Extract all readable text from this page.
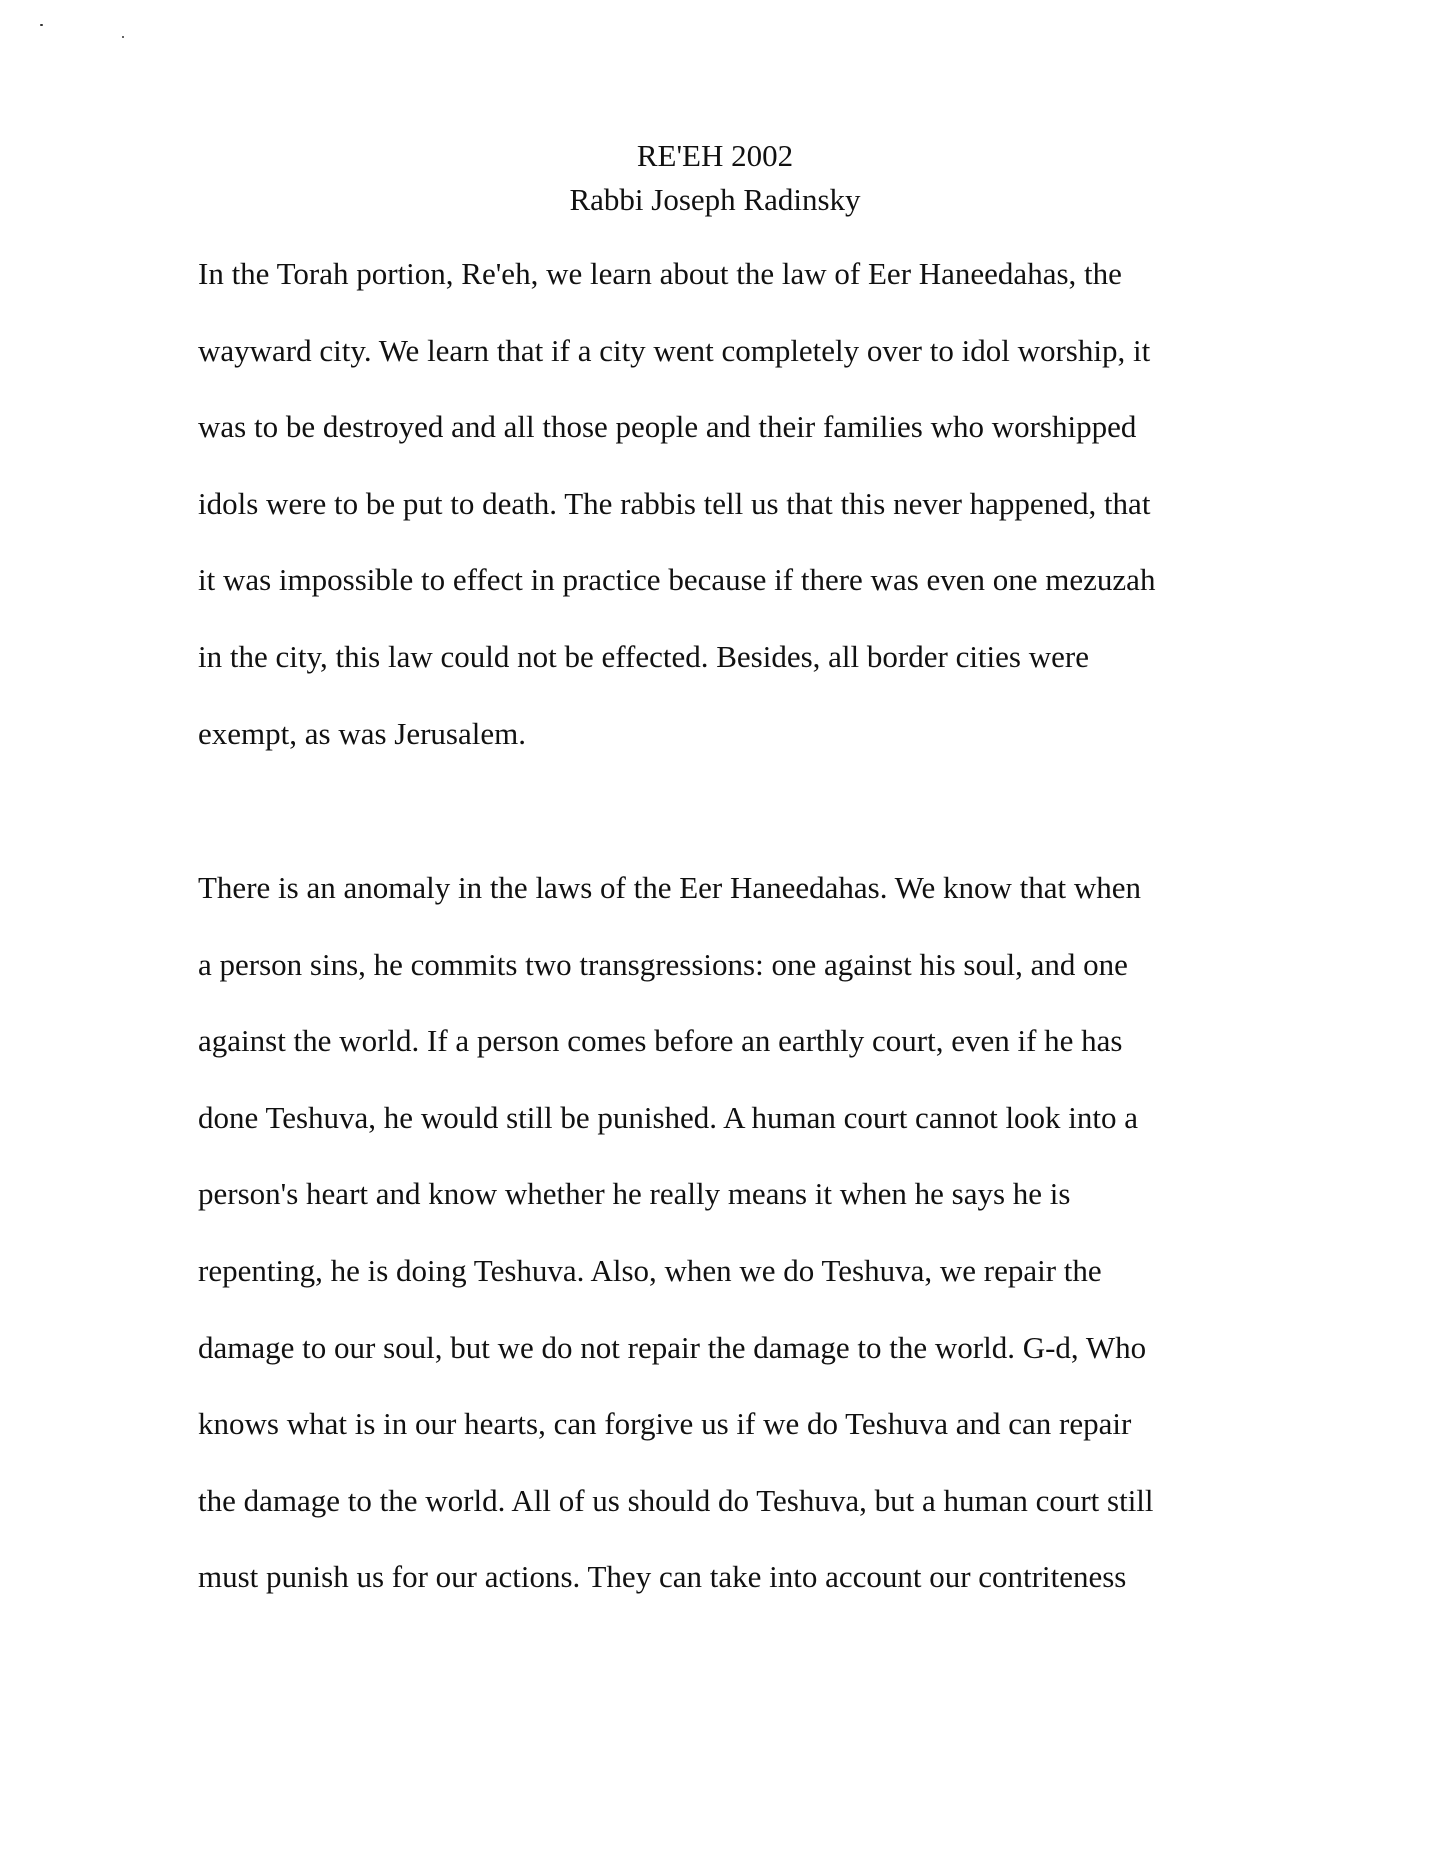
RE'EH 2002
Rabbi Joseph Radinsky
In the Torah portion, Re'eh, we learn about the law of Eer Haneedahas, the
wayward city. We learn that if a city went completely over to idol worship, it
was to be destroyed and all those people and their families who worshipped
idols were to be put to death. The rabbis tell us that this never happened, that
it was impossible to effect in practice because if there was even one mezuzah
in the city, this law could not be effected. Besides, all border cities were
exempt, as was Jerusalem.
There is an anomaly in the laws of the Eer Haneedahas. We know that when
a person sins, he commits two transgressions: one against his soul, and one
against the world. If a person comes before an earthly court, even if he has
done Teshuva, he would still be punished. A human court cannot look into a
person's heart and know whether he really means it when he says he is
repenting, he is doing Teshuva. Also, when we do Teshuva, we repair the
damage to our soul, but we do not repair the damage to the world. G-d, Who
knows what is in our hearts, can forgive us if we do Teshuva and can repair
the damage to the world. All of us should do Teshuva, but a human court still
must punish us for our actions. They can take into account our contriteness
